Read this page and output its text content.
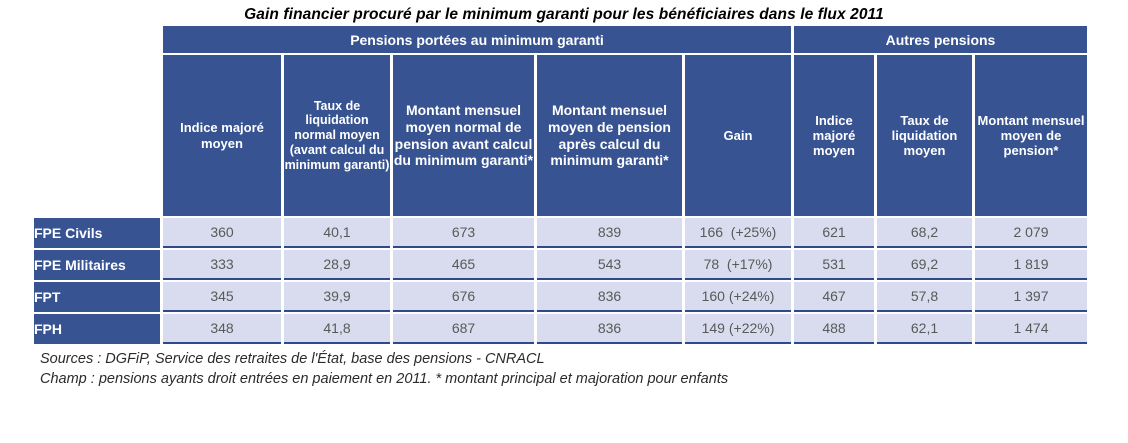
Gain financier procuré par le minimum garanti pour les bénéficiaires dans le flux 2011
	Pensions portées au minimum garanti					Autres pensions		
	Indice majoré moyen	Taux de liquidation normal moyen (avant calcul du minimum garanti)	Montant mensuel moyen normal de pension avant calcul du minimum garanti*	Montant mensuel moyen de pension après calcul du minimum garanti*	Gain	Indice majoré moyen	Taux de liquidation moyen	Montant mensuel moyen de pension*
FPE Civils	360	40,1	673	839	166  (+25%)	621	68,2	2 079
FPE Militaires	333	28,9	465	543	78  (+17%)	531	69,2	1 819
FPT	345	39,9	676	836	160 (+24%)	467	57,8	1 397
FPH	348	41,8	687	836	149 (+22%)	488	62,1	1 474
Sources : DGFiP, Service des retraites de l'État, base des pensions - CNRACL
Champ : pensions ayants droit entrées en paiement en 2011. * montant principal et majoration pour enfants
